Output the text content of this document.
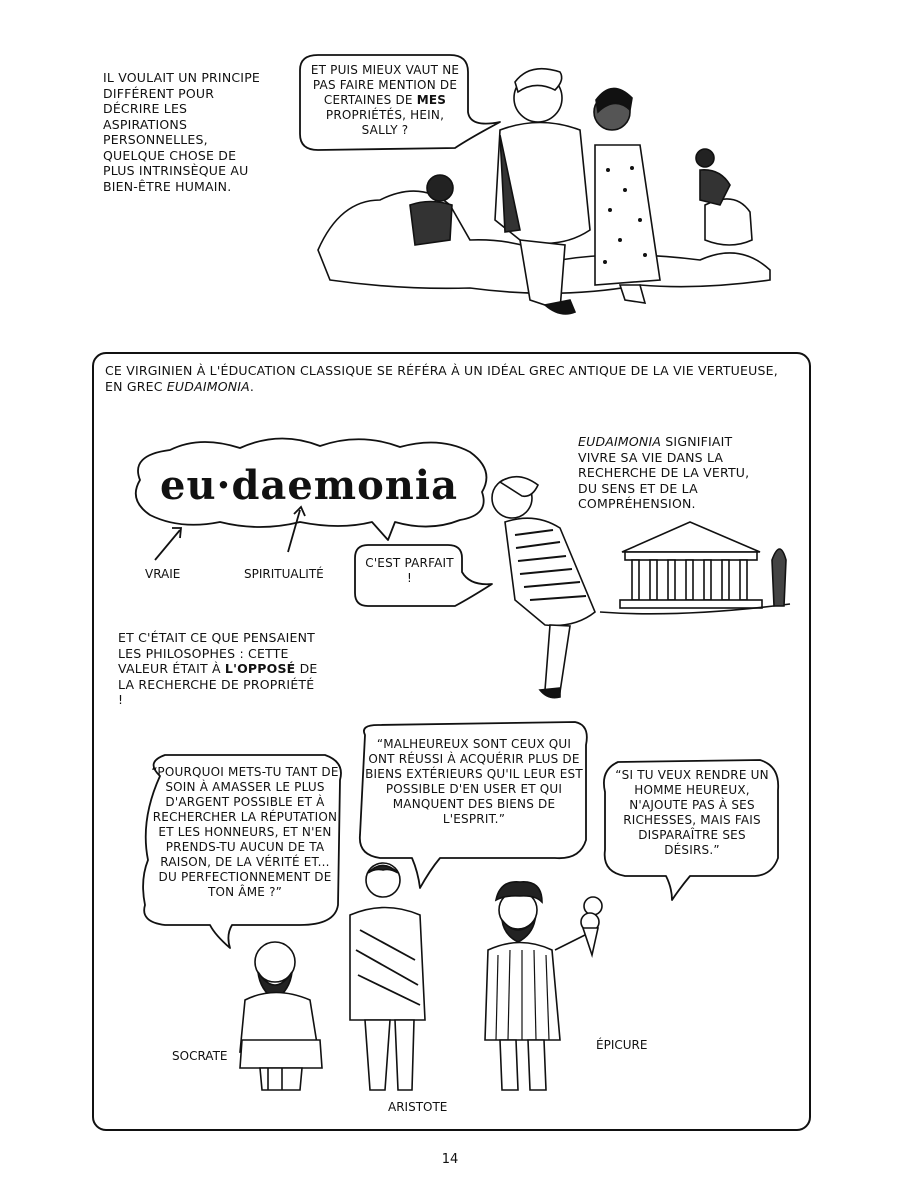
IL VOULAIT UN PRINCIPE DIFFÉRENT POUR DÉCRIRE LES ASPIRATIONS PERSONNELLES, QUELQUE CHOSE DE PLUS INTRINSÈQUE AU BIEN-ÊTRE HUMAIN.
ET PUIS MIEUX VAUT NE PAS FAIRE MENTION DE CERTAINES DE MES PROPRIÉTÉS, HEIN, SALLY ?
CE VIRGINIEN À L'ÉDUCATION CLASSIQUE SE RÉFÉRA À UN IDÉAL GREC ANTIQUE DE LA VIE VERTUEUSE, EN GREC EUDAIMONIA.
eu·daemonia
VRAIE	SPIRITUALITÉ
C'EST PARFAIT !
EUDAIMONIA SIGNIFIAIT VIVRE SA VIE DANS LA RECHERCHE DE LA VERTU, DU SENS ET DE LA COMPRÉHENSION.
ET C'ÉTAIT CE QUE PENSAIENT LES PHILOSOPHES : CETTE VALEUR ÉTAIT À L'OPPOSÉ DE LA RECHERCHE DE PROPRIÉTÉ !
“POURQUOI METS-TU TANT DE SOIN À AMASSER LE PLUS D'ARGENT POSSIBLE ET À RECHERCHER LA RÉPUTATION ET LES HONNEURS, ET N'EN PRENDS-TU AUCUN DE TA RAISON, DE LA VÉRITÉ ET... DU PERFECTIONNEMENT DE TON ÂME ?”
“MALHEUREUX SONT CEUX QUI ONT RÉUSSI À ACQUÉRIR PLUS DE BIENS EXTÉRIEURS QU'IL LEUR EST POSSIBLE D'EN USER ET QUI MANQUENT DES BIENS DE L'ESPRIT.”
“SI TU VEUX RENDRE UN HOMME HEUREUX, N'AJOUTE PAS À SES RICHESSES, MAIS FAIS DISPARAÎTRE SES DÉSIRS.”
SOCRATE
ARISTOTE
ÉPICURE
14
